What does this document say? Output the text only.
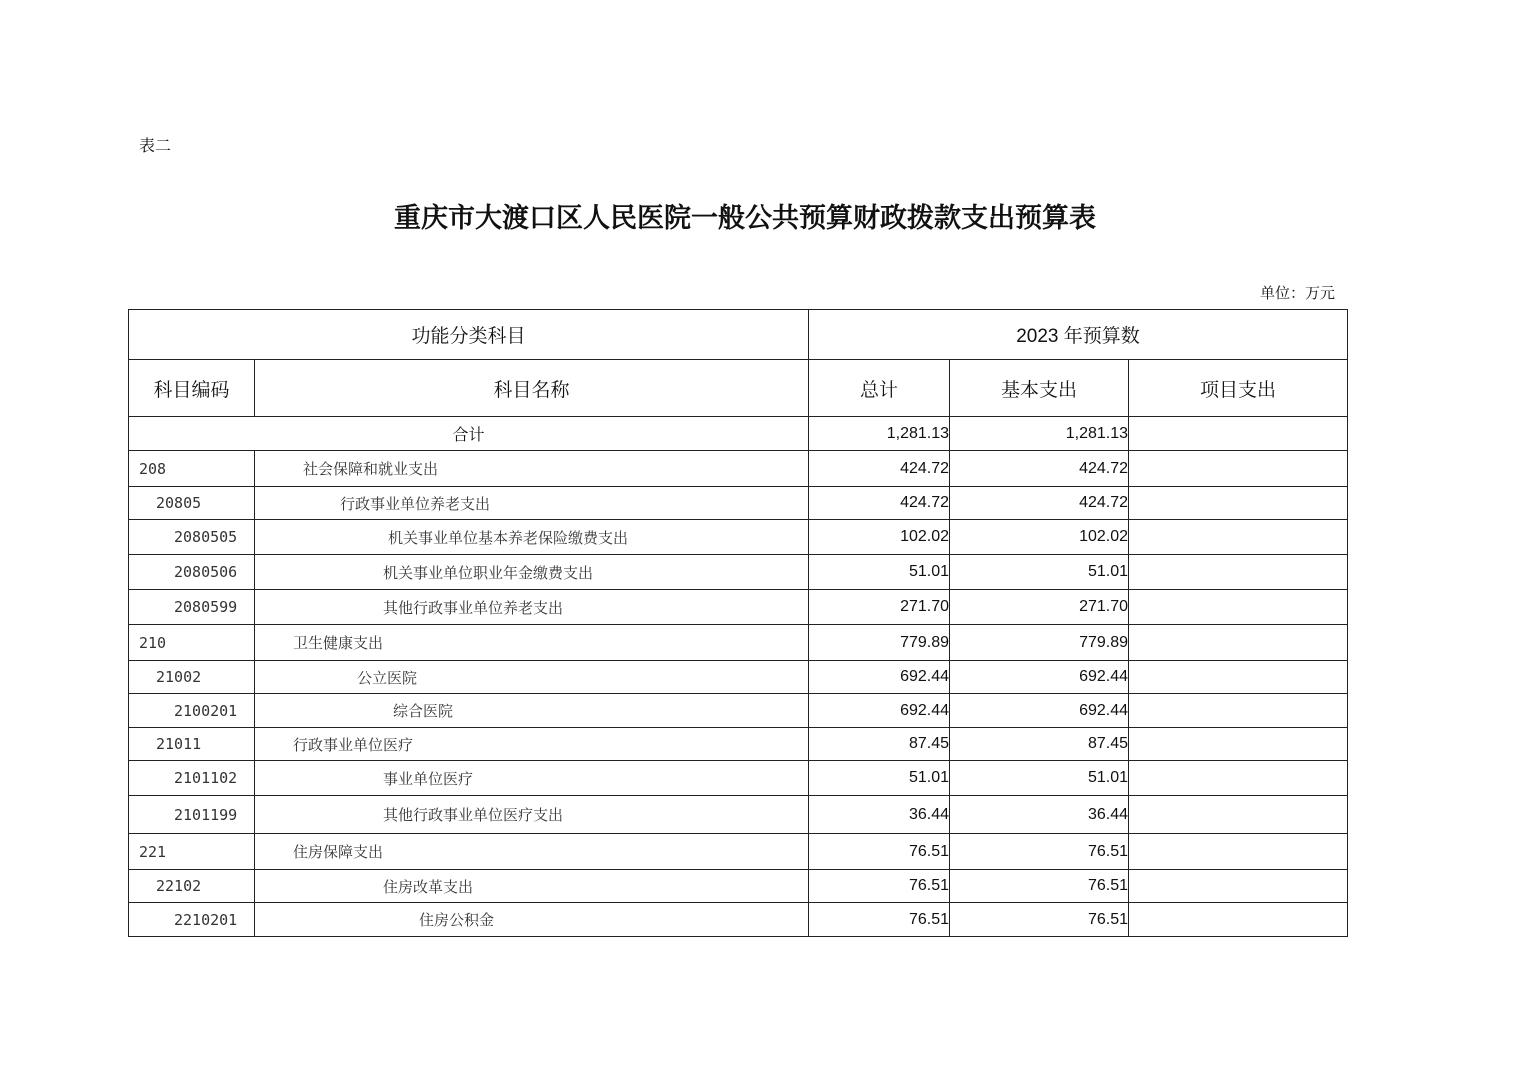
表二
重庆市大渡口区人民医院一般公共预算财政拨款支出预算表
单位：万元
功能分类科目		2023 年预算数		
科目编码	科目名称	总计	基本支出	项目支出
合计		1,281.13	1,281.13	
208	社会保障和就业支出	424.72	424.72	
20805	行政事业单位养老支出	424.72	424.72	
2080505	机关事业单位基本养老保险缴费支出	102.02	102.02	
2080506	机关事业单位职业年金缴费支出	51.01	51.01	
2080599	其他行政事业单位养老支出	271.70	271.70	
210	卫生健康支出	779.89	779.89	
21002	公立医院	692.44	692.44	
2100201	综合医院	692.44	692.44	
21011	行政事业单位医疗	87.45	87.45	
2101102	事业单位医疗	51.01	51.01	
2101199	其他行政事业单位医疗支出	36.44	36.44	
221	住房保障支出	76.51	76.51	
22102	住房改革支出	76.51	76.51	
2210201	住房公积金	76.51	76.51	
